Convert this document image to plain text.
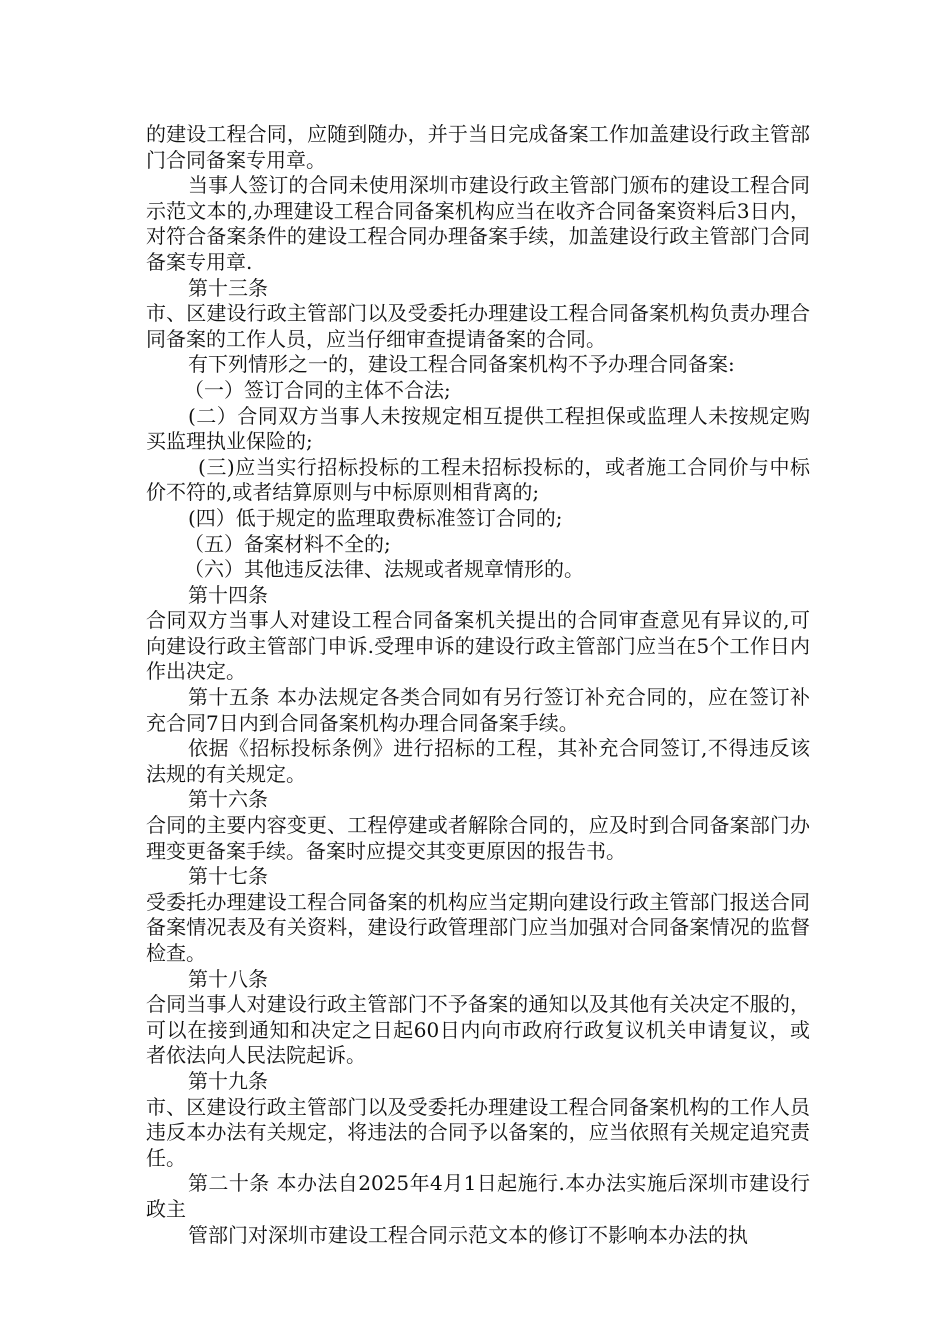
的建设工程合同，应随到随办，并于当日完成备案工作加盖建设行政主管部门合同备案专用章。

当事人签订的合同未使用深圳市建设行政主管部门颁布的建设工程合同示范文本的,办理建设工程合同备案机构应当在收齐合同备案资料后3日内，对符合备案条件的建设工程合同办理备案手续，加盖建设行政主管部门合同备案专用章.

第十三条

市、区建设行政主管部门以及受委托办理建设工程合同备案机构负责办理合同备案的工作人员，应当仔细审查提请备案的合同。

有下列情形之一的，建设工程合同备案机构不予办理合同备案:

（一）签订合同的主体不合法;

(二）合同双方当事人未按规定相互提供工程担保或监理人未按规定购买监理执业保险的;

(三)应当实行招标投标的工程未招标投标的，或者施工合同价与中标价不符的,或者结算原则与中标原则相背离的;

(四）低于规定的监理取费标准签订合同的;

（五）备案材料不全的;

（六）其他违反法律、法规或者规章情形的。

第十四条

合同双方当事人对建设工程合同备案机关提出的合同审查意见有异议的,可向建设行政主管部门申诉.受理申诉的建设行政主管部门应当在5个工作日内作出决定。

第十五条 本办法规定各类合同如有另行签订补充合同的，应在签订补充合同7日内到合同备案机构办理合同备案手续。

依据《招标投标条例》进行招标的工程，其补充合同签订,不得违反该法规的有关规定。

第十六条

合同的主要内容变更、工程停建或者解除合同的，应及时到合同备案部门办理变更备案手续。备案时应提交其变更原因的报告书。

第十七条

受委托办理建设工程合同备案的机构应当定期向建设行政主管部门报送合同备案情况表及有关资料，建设行政管理部门应当加强对合同备案情况的监督检查。

第十八条

合同当事人对建设行政主管部门不予备案的通知以及其他有关决定不服的，可以在接到通知和决定之日起60日内向市政府行政复议机关申请复议，或者依法向人民法院起诉。

第十九条

市、区建设行政主管部门以及受委托办理建设工程合同备案机构的工作人员违反本办法有关规定，将违法的合同予以备案的，应当依照有关规定追究责任。

第二十条 本办法自2025年4月1日起施行.本办法实施后深圳市建设行政主

管部门对深圳市建设工程合同示范文本的修订不影响本办法的执
